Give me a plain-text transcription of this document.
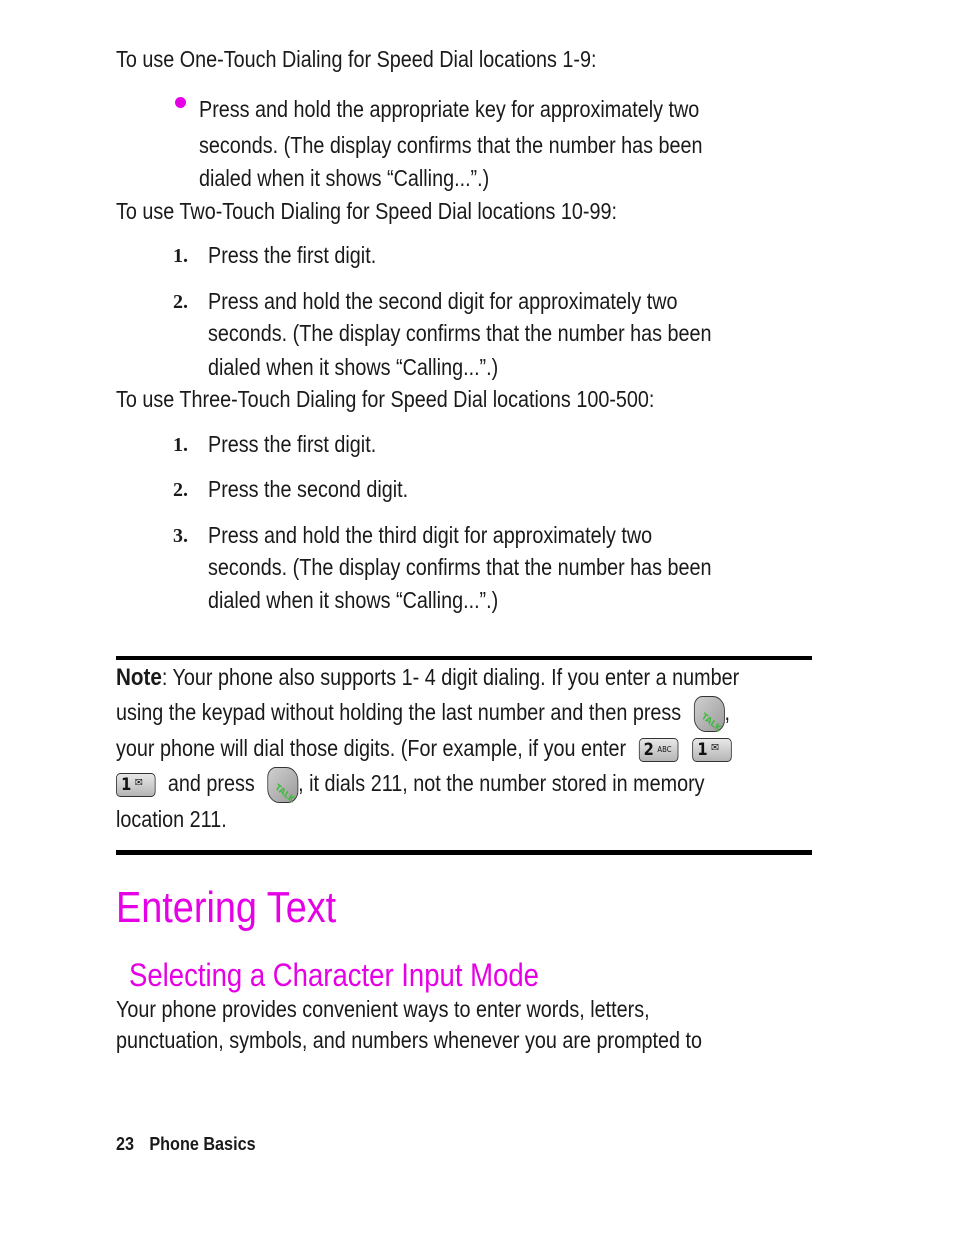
To use One-Touch Dialing for Speed Dial locations 1-9:
Press and hold the appropriate key for approximately two
seconds. (The display confirms that the number has been
dialed when it shows “Calling...”.)
To use Two-Touch Dialing for Speed Dial locations 10-99:
1. Press the first digit.
2. Press and hold the second digit for approximately two
seconds. (The display confirms that the number has been
dialed when it shows “Calling...”.)
To use Three-Touch Dialing for Speed Dial locations 100-500:
1. Press the first digit.
2. Press the second digit.
3. Press and hold the third digit for approximately two
seconds. (The display confirms that the number has been
dialed when it shows “Calling...”.)
Note: Your phone also supports 1- 4 digit dialing. If you enter a number
using the keypad without holding the last number and then press	TALK ,
your phone will dial those digits. (For example, if you enter 2 ABC
1 ✉
1 ✉ and press	TALK , it dials 211, not the number stored in memory
location 211.
Entering Text
Selecting a Character Input Mode
Your phone provides convenient ways to enter words, letters,
punctuation, symbols, and numbers whenever you are prompted to
23 Phone Basics
